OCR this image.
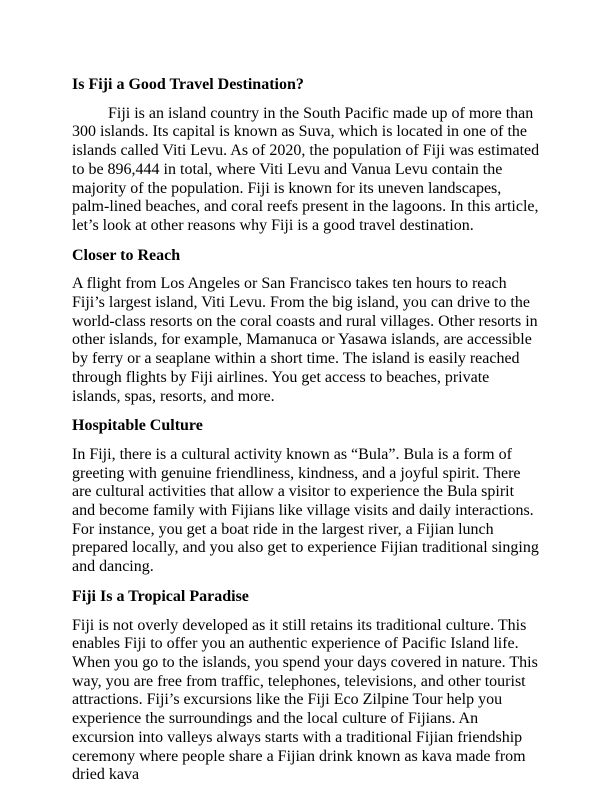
Is Fiji a Good Travel Destination?

Fiji is an island country in the South Pacific made up of more than 300 islands. Its capital is known as Suva, which is located in one of the islands called Viti Levu. As of 2020, the population of Fiji was estimated to be 896,444 in total, where Viti Levu and Vanua Levu contain the majority of the population. Fiji is known for its uneven landscapes, palm-lined beaches, and coral reefs present in the lagoons. In this article, let’s look at other reasons why Fiji is a good travel destination.

Closer to Reach

A flight from Los Angeles or San Francisco takes ten hours to reach Fiji’s largest island, Viti Levu. From the big island, you can drive to the world-class resorts on the coral coasts and rural villages. Other resorts in other islands, for example, Mamanuca or Yasawa islands, are accessible by ferry or a seaplane within a short time. The island is easily reached through flights by Fiji airlines. You get access to beaches, private islands, spas, resorts, and more.

Hospitable Culture

In Fiji, there is a cultural activity known as “Bula”. Bula is a form of greeting with genuine friendliness, kindness, and a joyful spirit. There are cultural activities that allow a visitor to experience the Bula spirit and become family with Fijians like village visits and daily interactions. For instance, you get a boat ride in the largest river, a Fijian lunch prepared locally, and you also get to experience Fijian traditional singing and dancing.

Fiji Is a Tropical Paradise

Fiji is not overly developed as it still retains its traditional culture. This enables Fiji to offer you an authentic experience of Pacific Island life. When you go to the islands, you spend your days covered in nature. This way, you are free from traffic, telephones, televisions, and other tourist attractions. Fiji’s excursions like the Fiji Eco Zilpine Tour help you experience the surroundings and the local culture of Fijians. An excursion into valleys always starts with a traditional Fijian friendship ceremony where people share a Fijian drink known as kava made from dried kava
